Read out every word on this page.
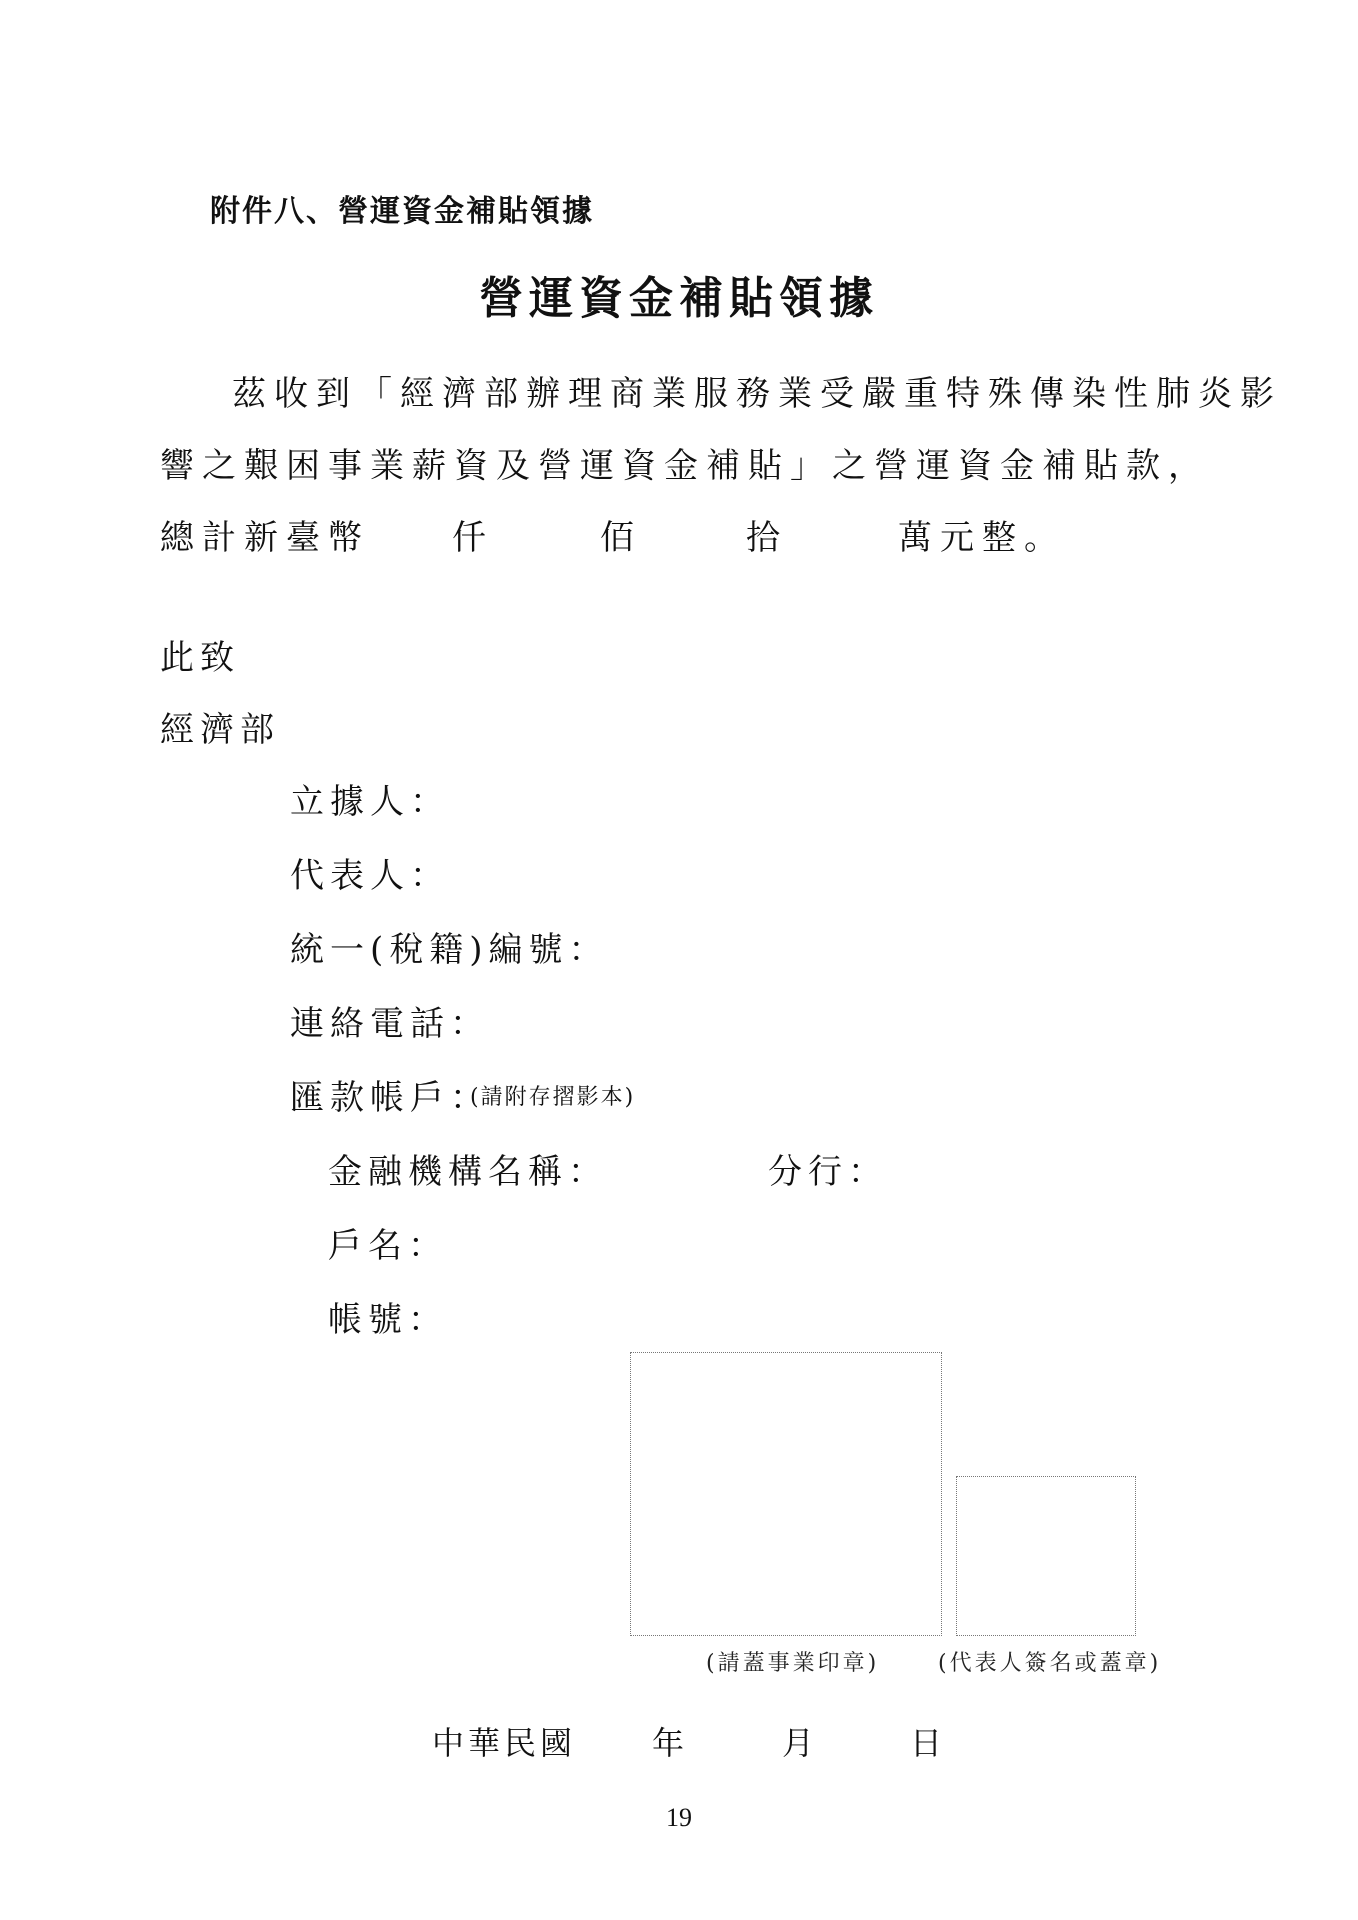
附件八、營運資金補貼領據
營運資金補貼領據
茲收到「經濟部辦理商業服務業受嚴重特殊傳染性肺炎影
響之艱困事業薪資及營運資金補貼」之營運資金補貼款，
總計新臺幣 仟	佰	拾	萬元整。
此致
經濟部
立據人：
代表人：
統一(稅籍)編號：
連絡電話：
匯款帳戶：
(請附存摺影本)
金融機構名稱：	分行：
戶名：
帳號：
(請蓋事業印章)	(代表人簽名或蓋章)
中華民國 年	月	日
19
